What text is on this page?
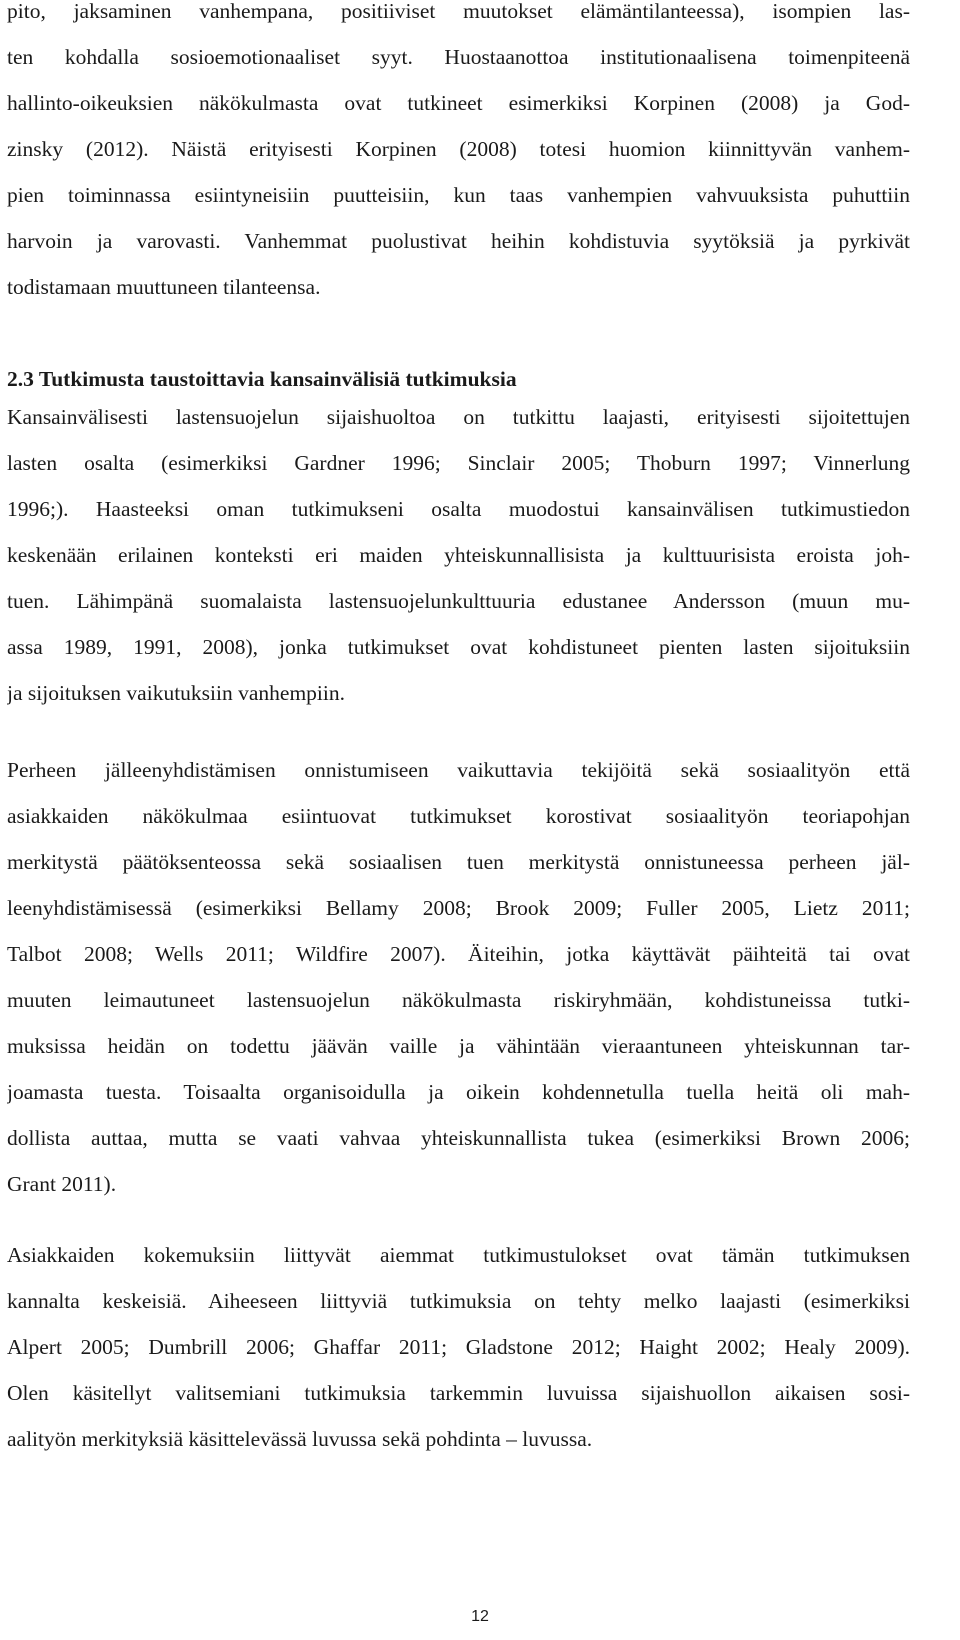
pito, jaksaminen vanhempana, positiiviset muutokset elämäntilanteessa), isompien las-
ten kohdalla sosioemotionaaliset syyt. Huostaanottoa institutionaalisena toimenpiteenä
hallinto-oikeuksien näkökulmasta ovat tutkineet esimerkiksi Korpinen (2008) ja God-
zinsky (2012). Näistä erityisesti Korpinen (2008) totesi huomion kiinnittyvän vanhem-
pien toiminnassa esiintyneisiin puutteisiin, kun taas vanhempien vahvuuksista puhuttiin
harvoin ja varovasti. Vanhemmat puolustivat heihin kohdistuvia syytöksiä ja pyrkivät
todistamaan muuttuneen tilanteensa.
2.3 Tutkimusta taustoittavia kansainvälisiä tutkimuksia
Kansainvälisesti lastensuojelun sijaishuoltoa on tutkittu laajasti, erityisesti sijoitettujen
lasten osalta (esimerkiksi Gardner 1996; Sinclair 2005; Thoburn 1997; Vinnerlung
1996;). Haasteeksi oman tutkimukseni osalta muodostui kansainvälisen tutkimustiedon
keskenään erilainen konteksti eri maiden yhteiskunnallisista ja kulttuurisista eroista joh-
tuen. Lähimpänä suomalaista lastensuojelunkulttuuria edustanee Andersson (muun mu-
assa 1989, 1991, 2008), jonka tutkimukset ovat kohdistuneet pienten lasten sijoituksiin
ja sijoituksen vaikutuksiin vanhempiin.
Perheen jälleenyhdistämisen onnistumiseen vaikuttavia tekijöitä sekä sosiaalityön että
asiakkaiden näkökulmaa esiintuovat tutkimukset korostivat sosiaalityön teoriapohjan
merkitystä päätöksenteossa sekä sosiaalisen tuen merkitystä onnistuneessa perheen jäl-
leenyhdistämisessä (esimerkiksi Bellamy 2008; Brook 2009; Fuller 2005, Lietz 2011;
Talbot 2008; Wells 2011; Wildfire 2007). Äiteihin, jotka käyttävät päihteitä tai ovat
muuten leimautuneet lastensuojelun näkökulmasta riskiryhmään, kohdistuneissa tutki-
muksissa heidän on todettu jäävän vaille ja vähintään vieraantuneen yhteiskunnan tar-
joamasta tuesta. Toisaalta organisoidulla ja oikein kohdennetulla tuella heitä oli mah-
dollista auttaa, mutta se vaati vahvaa yhteiskunnallista tukea (esimerkiksi Brown 2006;
Grant 2011).
Asiakkaiden kokemuksiin liittyvät aiemmat tutkimustulokset ovat tämän tutkimuksen
kannalta keskeisiä. Aiheeseen liittyviä tutkimuksia on tehty melko laajasti (esimerkiksi
Alpert 2005; Dumbrill 2006; Ghaffar 2011; Gladstone 2012; Haight 2002; Healy 2009).
Olen käsitellyt valitsemiani tutkimuksia tarkemmin luvuissa sijaishuollon aikaisen sosi-
aalityön merkityksiä käsittelevässä luvussa sekä pohdinta – luvussa.
12
